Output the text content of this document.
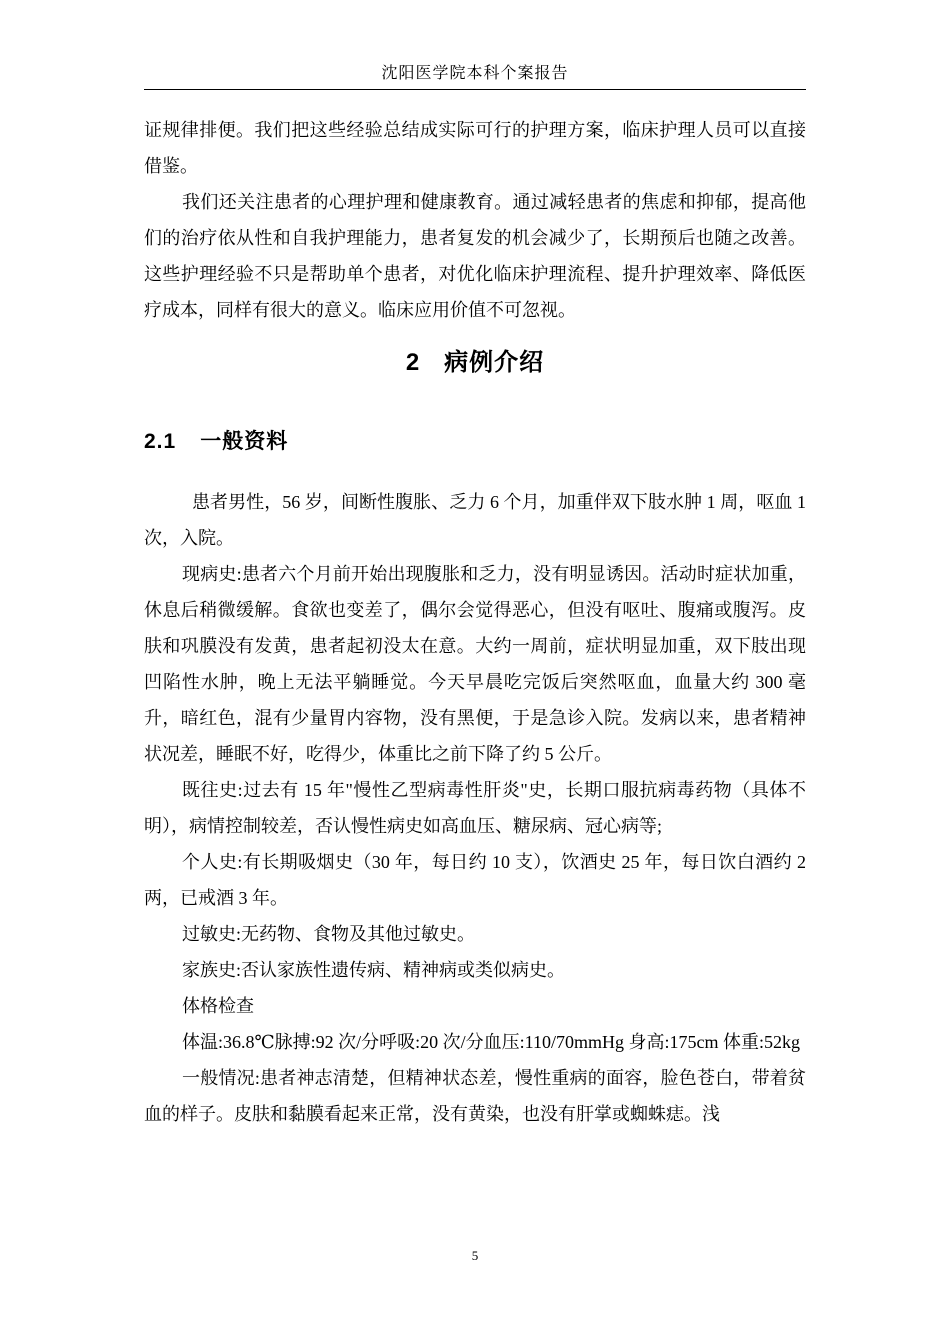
沈阳医学院本科个案报告

证规律排便。我们把这些经验总结成实际可行的护理方案，临床护理人员可以直接借鉴。

我们还关注患者的心理护理和健康教育。通过减轻患者的焦虑和抑郁，提高他们的治疗依从性和自我护理能力，患者复发的机会减少了，长期预后也随之改善。这些护理经验不只是帮助单个患者，对优化临床护理流程、提升护理效率、降低医疗成本，同样有很大的意义。临床应用价值不可忽视。

2 病例介绍
2.1 一般资料

患者男性，56 岁，间断性腹胀、乏力 6 个月，加重伴双下肢水肿 1 周，呕血 1 次，入院。

现病史:患者六个月前开始出现腹胀和乏力，没有明显诱因。活动时症状加重，休息后稍微缓解。食欲也变差了，偶尔会觉得恶心，但没有呕吐、腹痛或腹泻。皮肤和巩膜没有发黄，患者起初没太在意。大约一周前，症状明显加重，双下肢出现凹陷性水肿，晚上无法平躺睡觉。今天早晨吃完饭后突然呕血，血量大约 300 毫升，暗红色，混有少量胃内容物，没有黑便，于是急诊入院。发病以来，患者精神状况差，睡眠不好，吃得少，体重比之前下降了约 5 公斤。

既往史:过去有 15 年"慢性乙型病毒性肝炎"史，长期口服抗病毒药物（具体不明），病情控制较差，否认慢性病史如高血压、糖尿病、冠心病等;

个人史:有长期吸烟史（30 年，每日约 10 支），饮酒史 25 年，每日饮白酒约 2 两，已戒酒 3 年。

过敏史:无药物、食物及其他过敏史。

家族史:否认家族性遗传病、精神病或类似病史。

体格检查

体温:36.8℃脉搏:92 次/分呼吸:20 次/分血压:110/70mmHg 身高:175cm 体重:52kg

一般情况:患者神志清楚，但精神状态差，慢性重病的面容，脸色苍白，带着贫血的样子。皮肤和黏膜看起来正常，没有黄染，也没有肝掌或蜘蛛痣。浅

5
